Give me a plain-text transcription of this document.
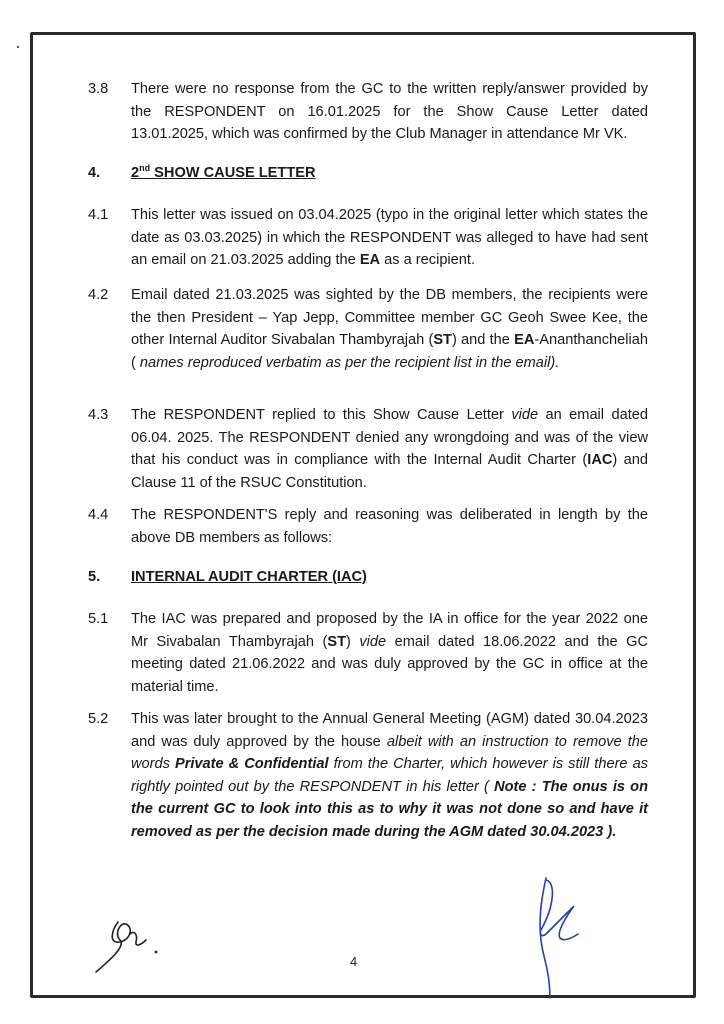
3.8	There were no response from the GC to the written reply/answer provided by the RESPONDENT on 16.01.2025 for the Show Cause Letter dated 13.01.2025, which was confirmed by the Club Manager in attendance Mr VK.
4. 2nd SHOW CAUSE LETTER
4.1	This letter was issued on 03.04.2025 (typo in the original letter which states the date as 03.03.2025) in which the RESPONDENT was alleged to have had sent an email on 21.03.2025 adding the EA as a recipient.
4.2	Email dated 21.03.2025 was sighted by the DB members, the recipients were the then President – Yap Jepp, Committee member GC Geoh Swee Kee, the other Internal Auditor Sivabalan Thambyrajah (ST) and the EA-Ananthancheliah ( names reproduced verbatim as per the recipient list in the email).
4.3	The RESPONDENT replied to this Show Cause Letter vide an email dated 06.04. 2025. The RESPONDENT denied any wrongdoing and was of the view that his conduct was in compliance with the Internal Audit Charter (IAC) and Clause 11 of the RSUC Constitution.
4.4	The RESPONDENT'S reply and reasoning was deliberated in length by the above DB members as follows:
5. INTERNAL AUDIT CHARTER (IAC)
5.1	The IAC was prepared and proposed by the IA in office for the year 2022 one Mr Sivabalan Thambyrajah (ST) vide email dated 18.06.2022 and the GC meeting dated 21.06.2022 and was duly approved by the GC in office at the material time.
5.2	This was later brought to the Annual General Meeting (AGM) dated 30.04.2023 and was duly approved by the house albeit with an instruction to remove the words Private & Confidential from the Charter, which however is still there as rightly pointed out by the RESPONDENT in his letter ( Note : The onus is on the current GC to look into this as to why it was not done so and have it removed as per the decision made during the AGM dated 30.04.2023 ).
4
